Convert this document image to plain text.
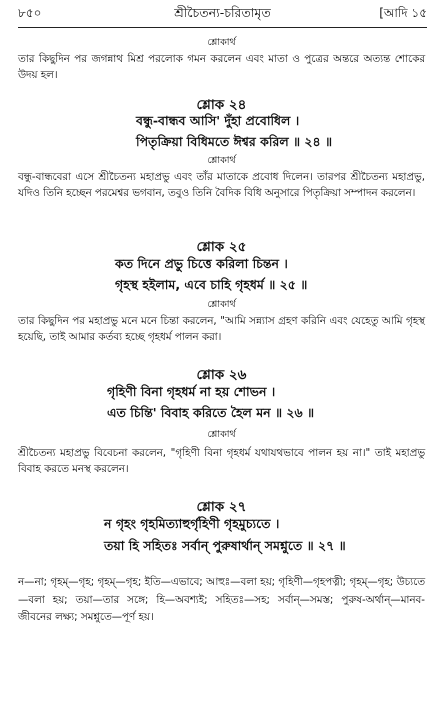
৮৫০	শ্রীচৈতন্য-চরিতামৃত	[আদি ১৫
শ্লোকার্থ
তার কিছুদিন পর জগন্নাথ মিশ্র পরলোক গমন করলেন এবং মাতা ও পুত্রের অন্তরে অত্যন্ত শোকের উদয় হল।
শ্লোক ২৪
বন্ধু-বান্ধব আসি' দুঁহা প্রবোধিল ।
পিতৃক্রিয়া বিধিমতে ঈশ্বর করিল ॥ ২৪ ॥
শ্লোকার্থ
বন্ধু-বান্ধবেরা এসে শ্রীচৈতন্য মহাপ্রভু এবং তাঁর মাতাকে প্রবোধ দিলেন। তারপর শ্রীচৈতন্য মহাপ্রভু, যদিও তিনি হচ্ছেন পরমেশ্বর ভগবান, তবুও তিনি বৈদিক বিধি অনুসারে পিতৃক্রিয়া সম্পাদন করলেন।
শ্লোক ২৫
কত দিনে প্রভু চিত্তে করিলা চিন্তন ।
গৃহস্থ হইলাম, এবে চাহি গৃহধর্ম ॥ ২৫ ॥
শ্লোকার্থ
তার কিছুদিন পর মহাপ্রভু মনে মনে চিন্তা করলেন, "আমি সন্ন্যাস গ্রহণ করিনি এবং যেহেতু আমি গৃহস্থ হয়েছি, তাই আমার কর্তব্য হচ্ছে গৃহধর্ম পালন করা।
শ্লোক ২৬
গৃহিণী বিনা গৃহধর্ম না হয় শোভন ।
এত চিন্তি' বিবাহ করিতে হৈল মন ॥ ২৬ ॥
শ্লোকার্থ
শ্রীচৈতন্য মহাপ্রভু বিবেচনা করলেন, "গৃহিণী বিনা গৃহধর্ম যথাযথভাবে পালন হয় না।" তাই মহাপ্রভু বিবাহ করতে মনস্থ করলেন।
শ্লোক ২৭
ন গৃহং গৃহমিত্যাহুর্গৃহিণী গৃহমুচ্যতে ।
তয়া হি সহিতঃ সর্বান্ পুরুষার্থান্ সমশ্নুতে ॥ ২৭ ॥
ন—না; গৃহম্—গৃহ; গৃহম্—গৃহ; ইতি—এভাবে; আহুঃ—বলা হয়; গৃহিণী—গৃহপত্নী; গৃহম্—গৃহ; উচ্যতে—বলা হয়; তয়া—তার সঙ্গে; হি—অবশ্যই; সহিতঃ—সহ; সর্বান্—সমস্ত; পুরুষ-অর্থান্—মানব-জীবনের লক্ষ্য; সমশ্নুতে—পূর্ণ হয়।
